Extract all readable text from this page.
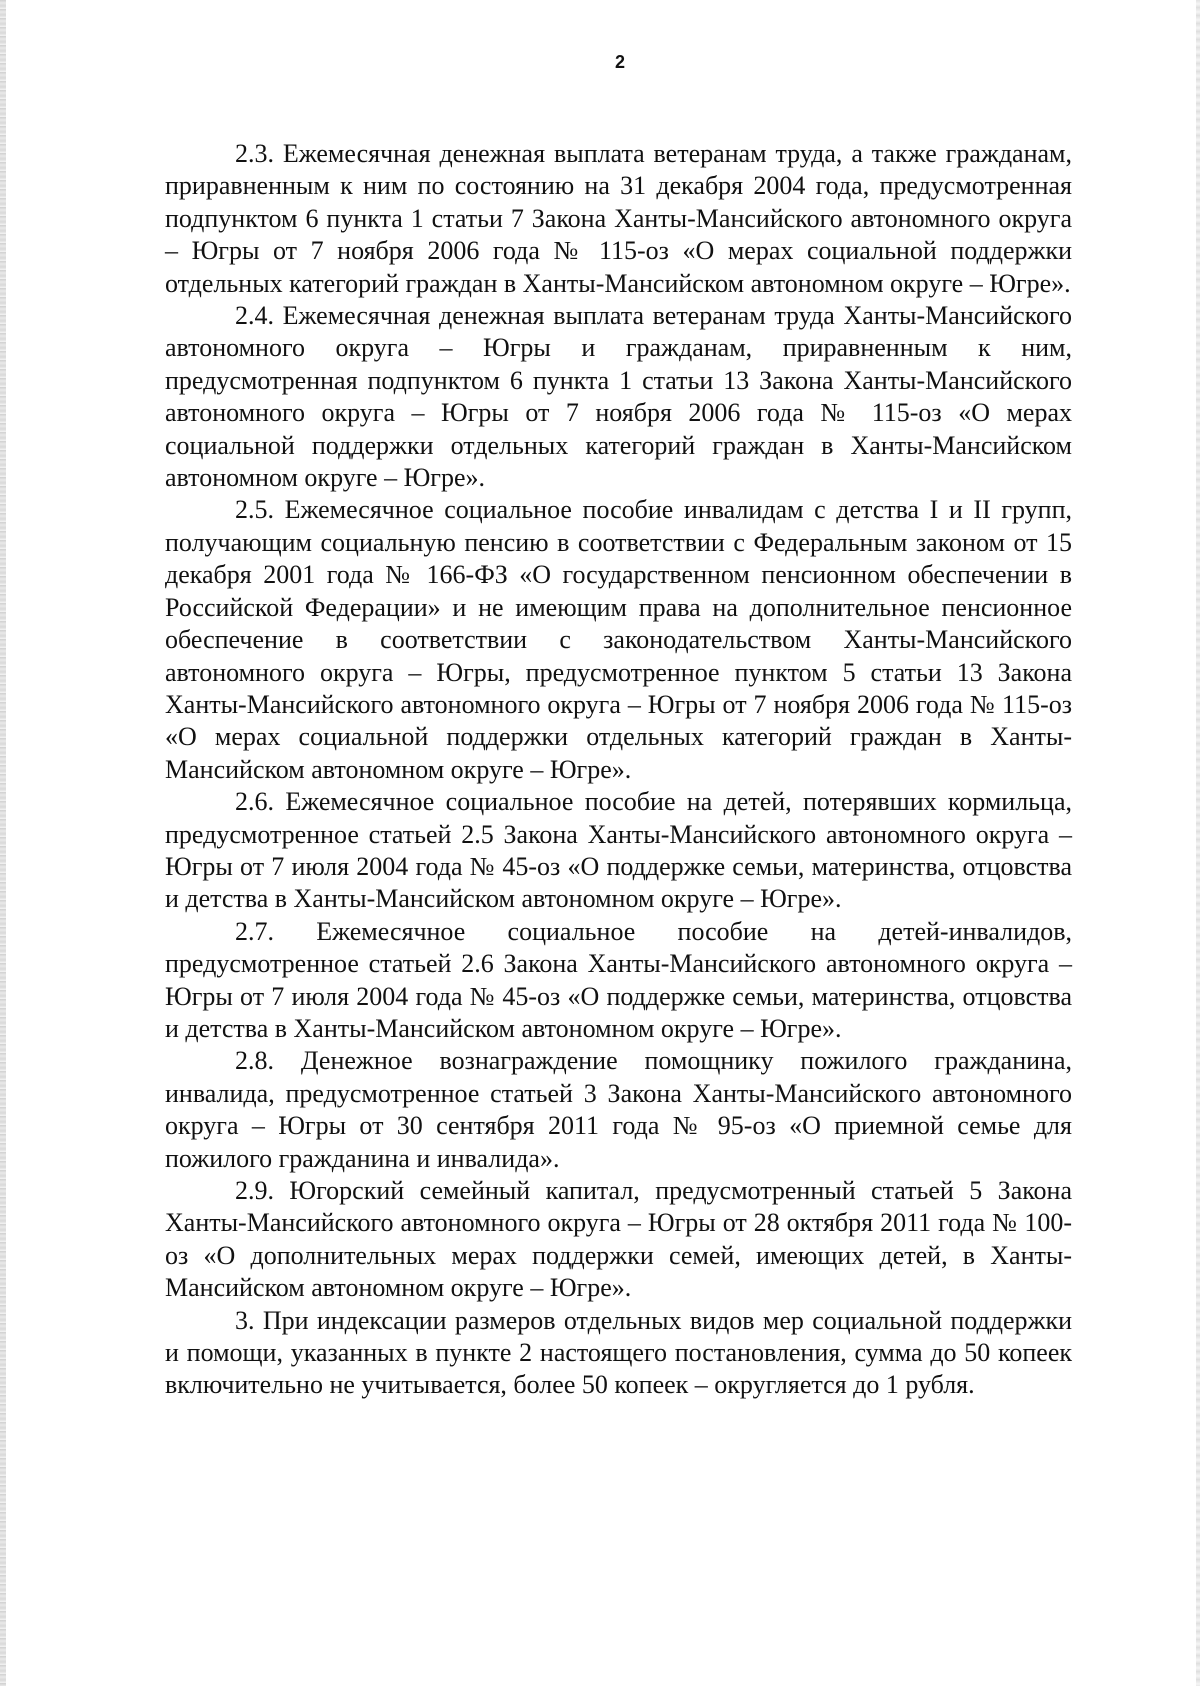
2

2.3. Ежемесячная денежная выплата ветеранам труда, а также гражданам, приравненным к ним по состоянию на 31 декабря 2004 года, предусмотренная подпунктом 6 пункта 1 статьи 7 Закона Ханты-Мансийского автономного округа – Югры от 7 ноября 2006 года № 115-оз «О мерах социальной поддержки отдельных категорий граждан в Ханты-Мансийском автономном округе – Югре».

2.4. Ежемесячная денежная выплата ветеранам труда Ханты-Мансийского автономного округа – Югры и гражданам, приравненным к ним, предусмотренная подпунктом 6 пункта 1 статьи 13 Закона Ханты-Мансийского автономного округа – Югры от 7 ноября 2006 года № 115-оз «О мерах социальной поддержки отдельных категорий граждан в Ханты-Мансийском автономном округе – Югре».

2.5. Ежемесячное социальное пособие инвалидам с детства I и II групп, получающим социальную пенсию в соответствии с Федеральным законом от 15 декабря 2001 года № 166-ФЗ «О государственном пенсионном обеспечении в Российской Федерации» и не имеющим права на дополнительное пенсионное обеспечение в соответствии с законодательством Ханты-Мансийского автономного округа – Югры, предусмотренное пунктом 5 статьи 13 Закона Ханты-Мансийского автономного округа – Югры от 7 ноября 2006 года № 115-оз «О мерах социальной поддержки отдельных категорий граждан в Ханты-Мансийском автономном округе – Югре».

2.6. Ежемесячное социальное пособие на детей, потерявших кормильца, предусмотренное статьей 2.5 Закона Ханты-Мансийского автономного округа – Югры от 7 июля 2004 года № 45-оз «О поддержке семьи, материнства, отцовства и детства в Ханты-Мансийском автономном округе – Югре».

2.7. Ежемесячное социальное пособие на детей-инвалидов, предусмотренное статьей 2.6 Закона Ханты-Мансийского автономного округа – Югры от 7 июля 2004 года № 45-оз «О поддержке семьи, материнства, отцовства и детства в Ханты-Мансийском автономном округе – Югре».

2.8. Денежное вознаграждение помощнику пожилого гражданина, инвалида, предусмотренное статьей 3 Закона Ханты-Мансийского автономного округа – Югры от 30 сентября 2011 года № 95-оз «О приемной семье для пожилого гражданина и инвалида».

2.9. Югорский семейный капитал, предусмотренный статьей 5 Закона Ханты-Мансийского автономного округа – Югры от 28 октября 2011 года № 100-оз «О дополнительных мерах поддержки семей, имеющих детей, в Ханты-Мансийском автономном округе – Югре».

3. При индексации размеров отдельных видов мер социальной поддержки и помощи, указанных в пункте 2 настоящего постановления, сумма до 50 копеек включительно не учитывается, более 50 копеек – округляется до 1 рубля.
